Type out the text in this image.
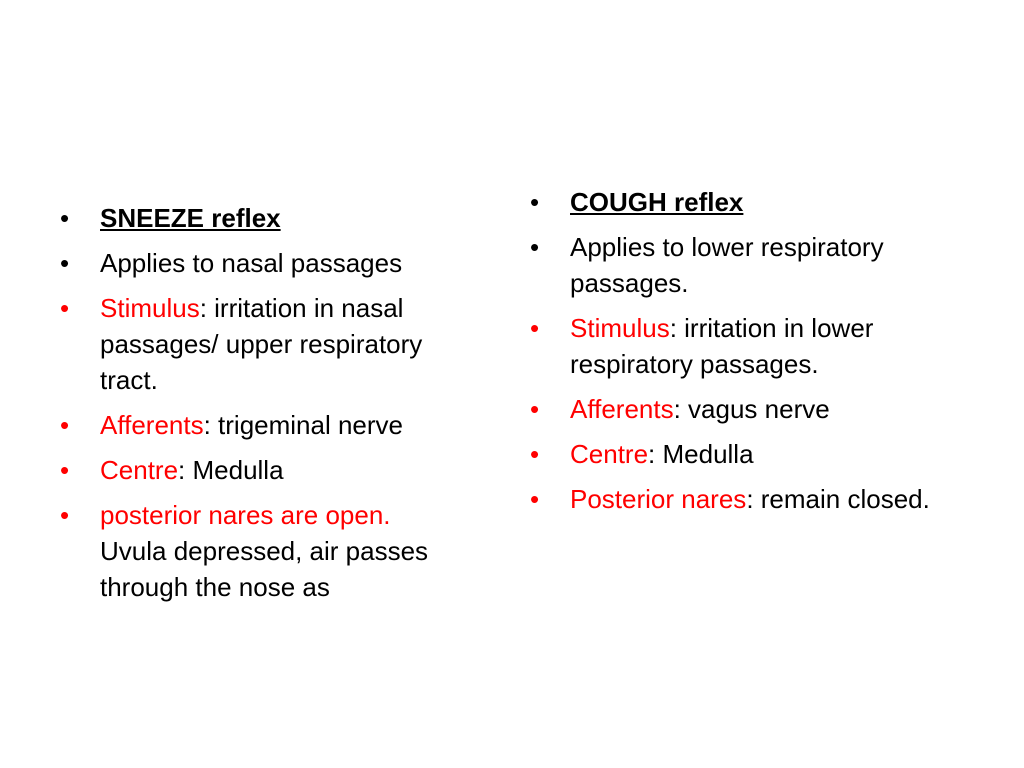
•	SNEEZE reflex
•	Applies to nasal passages
•	Stimulus: irritation in nasal passages/ upper respiratory tract.
•	Afferents: trigeminal nerve
•	Centre: Medulla
•	posterior nares are open. Uvula depressed, air passes through the nose as
•	COUGH reflex
•	Applies to lower respiratory passages.
•	Stimulus: irritation in lower respiratory passages.
•	Afferents: vagus nerve
•	Centre: Medulla
•	Posterior nares: remain closed.
